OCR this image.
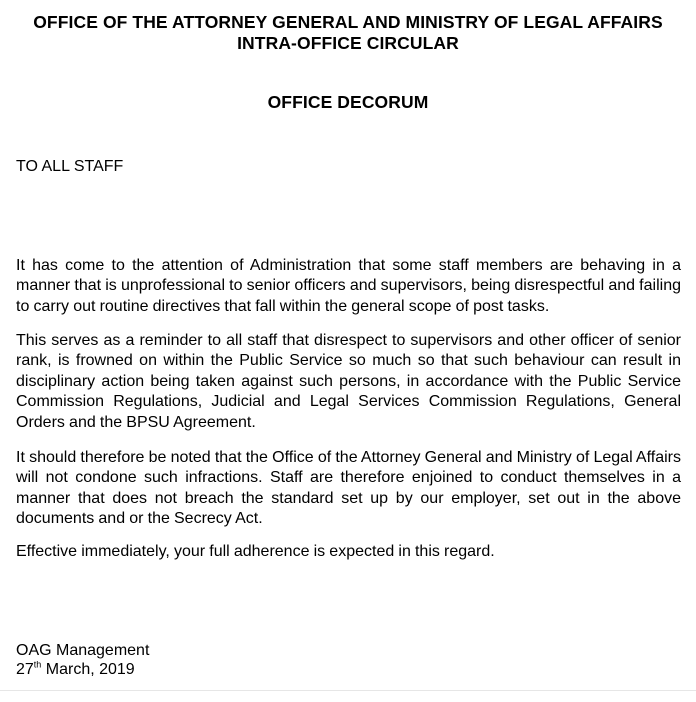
OFFICE OF THE ATTORNEY GENERAL AND MINISTRY OF LEGAL AFFAIRS
INTRA-OFFICE CIRCULAR
OFFICE DECORUM
TO ALL STAFF

It has come to the attention of Administration that some staff members are behaving in a manner that is unprofessional to senior officers and supervisors, being disrespectful and failing to carry out routine directives that fall within the general scope of post tasks.

This serves as a reminder to all staff that disrespect to supervisors and other officer of senior rank, is frowned on within the Public Service so much so that such behaviour can result in disciplinary action being taken against such persons, in accordance with the Public Service Commission Regulations, Judicial and Legal Services Commission Regulations, General Orders and the BPSU Agreement.

It should therefore be noted that the Office of the Attorney General and Ministry of Legal Affairs will not condone such infractions. Staff are therefore enjoined to conduct themselves in a manner that does not breach the standard set up by our employer, set out in the above documents and or the Secrecy Act.

Effective immediately, your full adherence is expected in this regard.

OAG Management
27th March, 2019
